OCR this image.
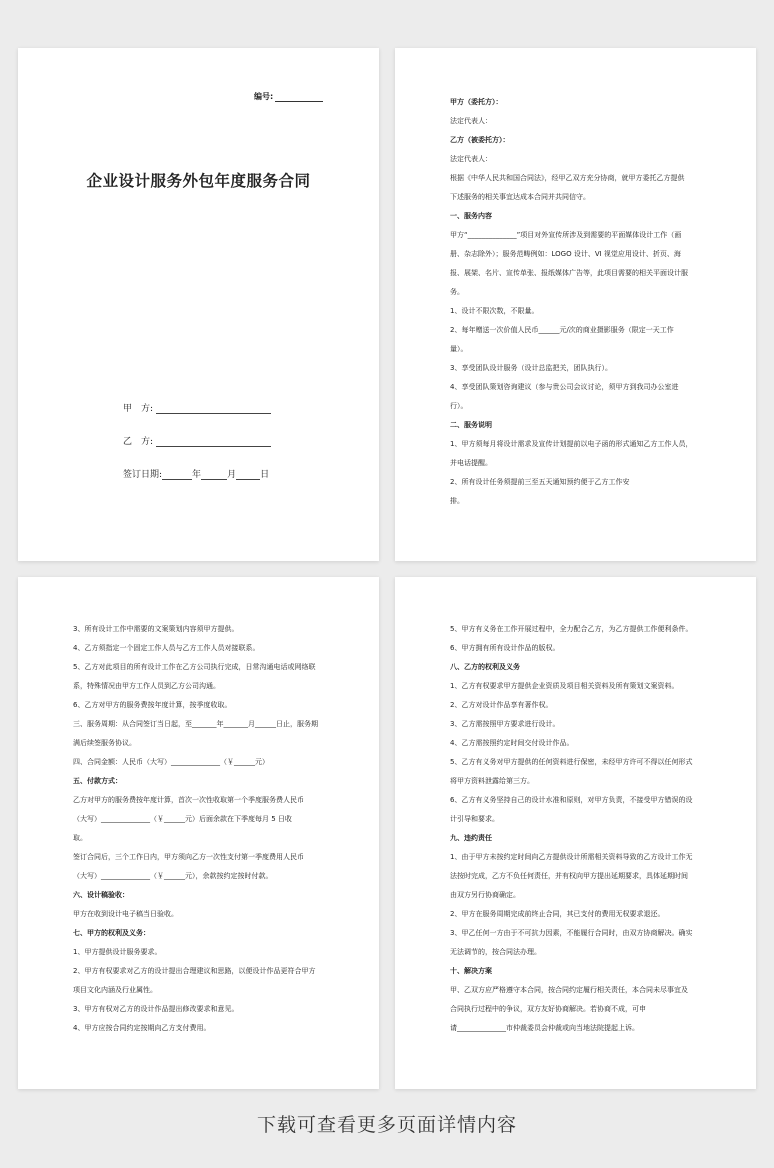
编号:
企业设计服务外包年度服务合同
甲　方:
乙　方:
签订日期:	年	月	日

甲方（委托方）：

法定代表人：

乙方（被委托方）：

法定代表人：

根据《中华人民共和国合同法》，经甲乙双方充分协商，就甲方委托乙方提供

下述服务的相关事宜达成本合同并共同信守。

一、服务内容

甲方“______________”项目对外宣传所涉及到需要的平面媒体设计工作（画

册、杂志除外）；服务范畴例如：LOGO 设计、VI 视觉应用设计、折页、海

报、展架、名片、宣传单张、报纸媒体广告等，此项目需要的相关平面设计服

务。

1、设计不限次数，不限量。

2、每年赠送一次价值人民币______元/次的商业摄影服务（限定一天工作

量）。

3、享受团队设计服务（设计总监把关，团队执行）。

4、享受团队策划咨询建议（参与贵公司会议讨论，须甲方到我司办公室进

行）。

二、服务说明

1、甲方须每月将设计需求及宣传计划提前以电子函的形式通知乙方工作人员，

并电话提醒。

2、所有设计任务须提前三至五天通知预约便于乙方工作安

排。

3、所有设计工作中需要的文案策划内容须甲方提供。

4、乙方须指定一个固定工作人员与乙方工作人员对接联系。

5、乙方对此项目的所有设计工作在乙方公司执行完成，日常沟通电话或网络联

系，特殊情况由甲方工作人员到乙方公司沟通。

6、乙方对甲方的服务费按年度计算，按季度收取。

三、服务周期：从合同签订当日起，至_______年_______月______日止，服务期

满后续签服务协议。

四、合同金额：人民币（大写）______________（￥______元）

五、付款方式：

乙方对甲方的服务费按年度计算，首次一次性收取第一个季度服务费人民币

（大写）______________（￥______元）后面余款在下季度每月 5 日收

取。

签订合同后，三个工作日内，甲方须向乙方一次性支付第一季度费用人民币

（大写）______________（￥______元），余款按约定按时付款。

六、设计稿验收：

甲方在收到设计电子稿当日验收。

七、甲方的权利及义务：

1、甲方提供设计服务要求。

2、甲方有权要求对乙方的设计提出合理建议和思路，以便设计作品更符合甲方

项目文化内涵及行业属性。

3、甲方有权对乙方的设计作品提出修改要求和意见。

4、甲方应按合同约定按期向乙方支付费用。

5、甲方有义务在工作开展过程中，全力配合乙方，为乙方提供工作便利条件。

6、甲方拥有所有设计作品的版权。

八、乙方的权利及义务

1、乙方有权要求甲方提供企业资质及项目相关资料及所有策划文案资料。

2、乙方对设计作品享有著作权。

3、乙方需按照甲方要求进行设计。

4、乙方需按照约定时间交付设计作品。

5、乙方有义务对甲方提供的任何资料进行保密，未经甲方许可不得以任何形式

将甲方资料泄露给第三方。

6、乙方有义务坚持自己的设计水准和原则，对甲方负责，不接受甲方错误的设

计引导和要求。

九、违约责任

1、由于甲方未按约定时间向乙方提供设计所需相关资料导致的乙方设计工作无

法按时完成，乙方不负任何责任，并有权向甲方提出延期要求，具体延期时间

由双方另行协商确定。

2、甲方在服务周期完成前终止合同，其已支付的费用无权要求退还。

3、甲乙任何一方由于不可抗力因素，不能履行合同时，由双方协商解决。确实

无法调节的，按合同法办理。

十、解决方案

甲、乙双方应严格遵守本合同，按合同约定履行相关责任，本合同未尽事宜及

合同执行过程中的争议，双方友好协商解决。若协商不成，可申

请______________市仲裁委员会仲裁或向当地法院提起上诉。

下载可查看更多页面详情内容
